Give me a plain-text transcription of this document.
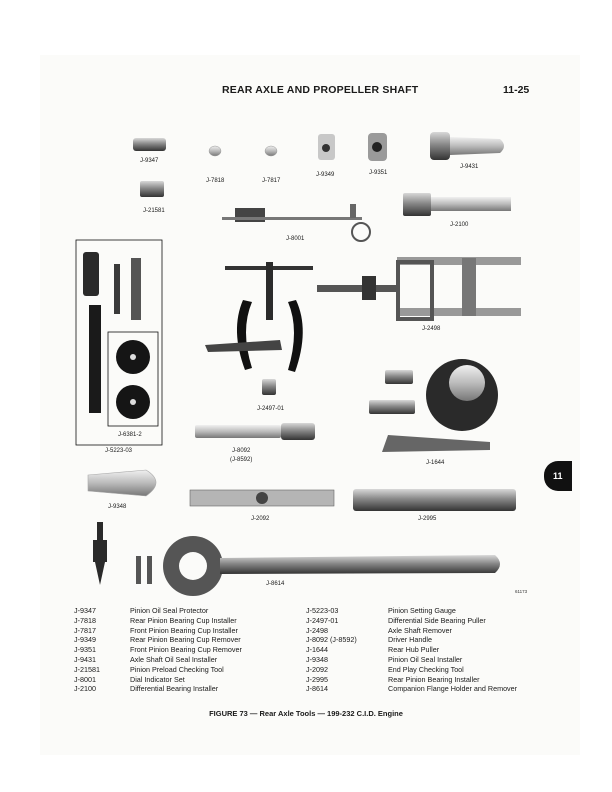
REAR AXLE AND PROPELLER SHAFT	11-25
J-9347
J-7818	J-7817
J-9349	J-9351
J-9431
J-21581
J-8001
J-2100
J-2498
J-6381-2
J-5223-03
J-2497-01
J-8092
(J-8592)	J-1644
J-9348
J-2092	J-2995
J-8614
11
61173
J-9347	Pinion Oil Seal Protector	J-5223-03	Pinion Setting Gauge
J-7818	Rear Pinion Bearing Cup Installer	J-2497-01	Differential Side Bearing Puller
J-7817	Front Pinion Bearing Cup Installer	J-2498	Axle Shaft Remover
J-9349	Rear Pinion Bearing Cup Remover	J-8092 (J-8592)	Driver Handle
J-9351	Front Pinion Bearing Cup Remover	J-1644	Rear Hub Puller
J-9431	Axle Shaft Oil Seal Installer	J-9348	Pinion Oil Seal Installer
J-21581	Pinion Preload Checking Tool	J-2092	End Play Checking Tool
J-8001	Dial Indicator Set	J-2995	Rear Pinion Bearing Installer
J-2100	Differential Bearing Installer	J-8614	Companion Flange Holder and Remover
FIGURE 73 — Rear Axle Tools — 199-232 C.I.D. Engine
